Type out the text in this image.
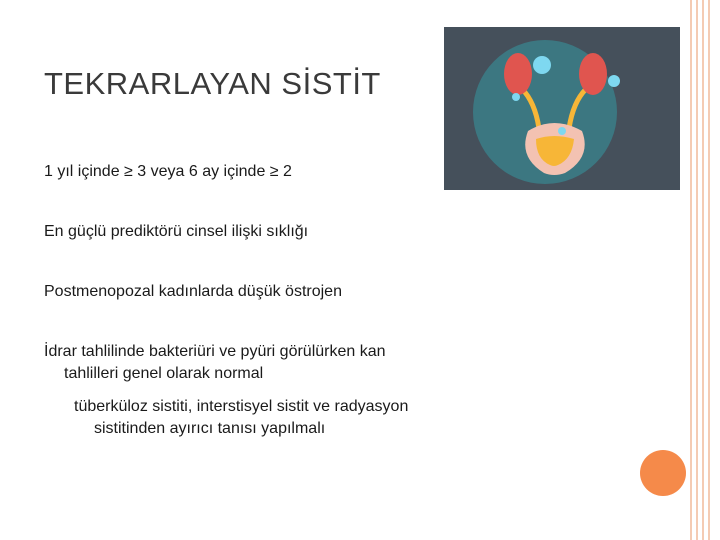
TEKRARLAYAN SİSTİT
1 yıl içinde ≥ 3 veya 6 ay içinde ≥ 2
En güçlü prediktörü cinsel ilişki sıklığı
Postmenopozal kadınlarda düşük östrojen
İdrar tahlilinde bakteriüri ve pyüri görülürken kan
tahlilleri genel olarak normal
tüberküloz sistiti, interstisyel sistit ve radyasyon
sistitinden ayırıcı tanısı yapılmalı
